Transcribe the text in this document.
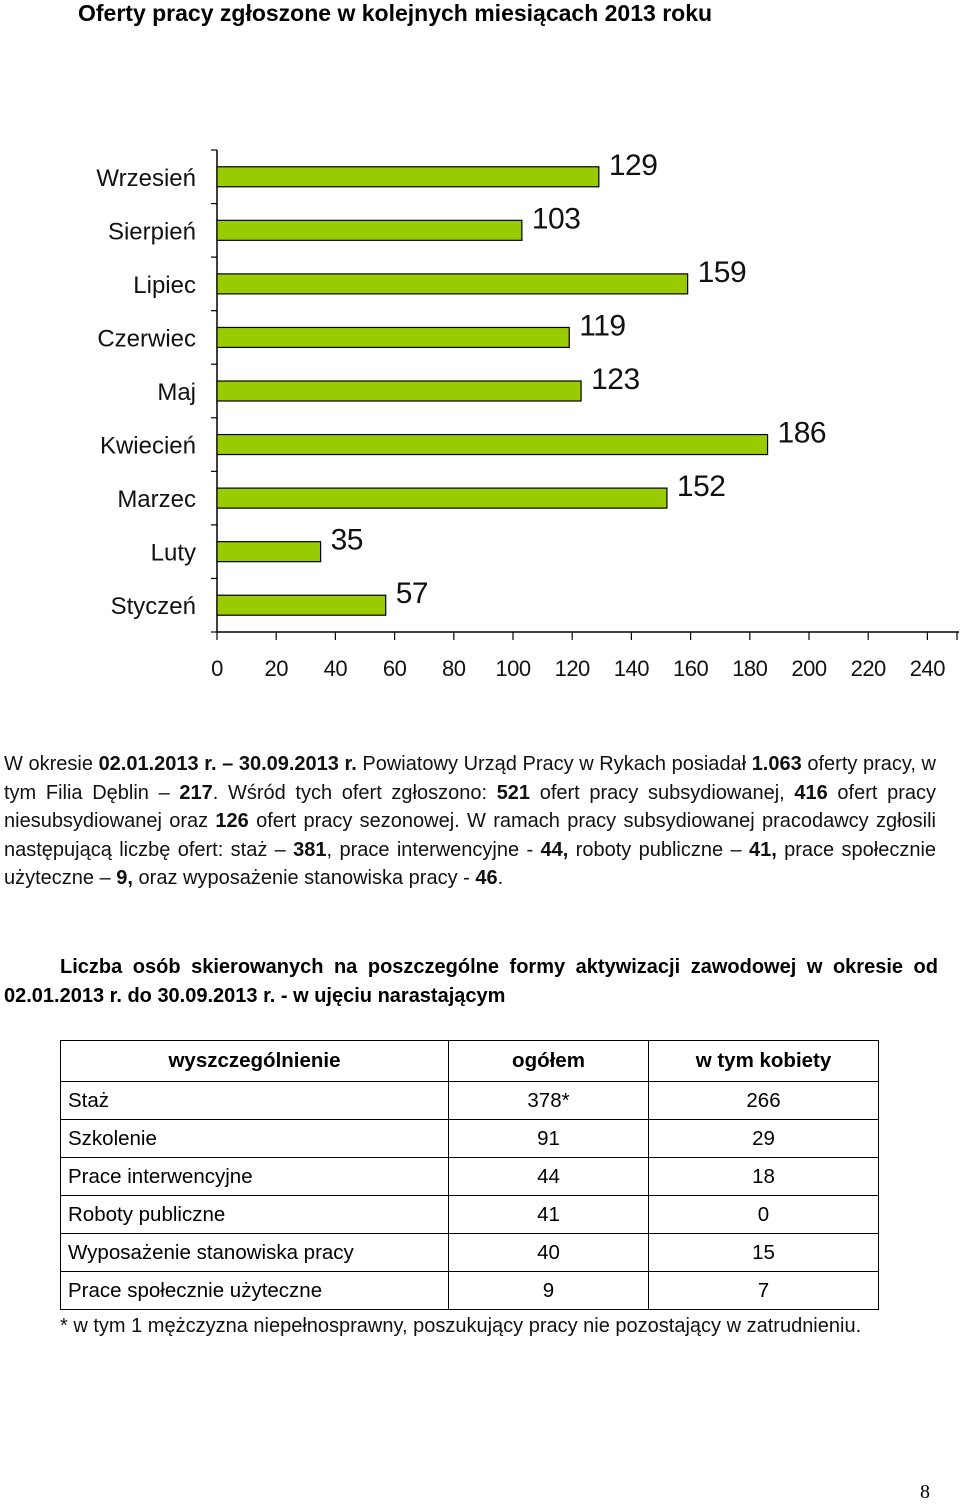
Oferty pracy zgłoszone w kolejnych miesiącach 2013 roku
0 20 40 60 80 100 120 140 160 180 200 220 240
Wrzesień	129
Sierpień	103
Lipiec	159
Czerwiec	119
Maj	123
Kwiecień	186
Marzec	152
Luty	35
Styczeń	57
W okresie 02.01.2013 r. – 30.09.2013 r. Powiatowy Urząd Pracy w Rykach posiadał 1.063 oferty pracy, w tym Filia Dęblin – 217. Wśród tych ofert zgłoszono: 521 ofert pracy subsydiowanej, 416 ofert pracy niesubsydiowanej oraz 126 ofert pracy sezonowej. W ramach pracy subsydiowanej pracodawcy zgłosili następującą liczbę ofert: staż – 381, prace interwencyjne - 44, roboty publiczne – 41, prace społecznie użyteczne – 9, oraz wyposażenie stanowiska pracy - 46.
Liczba osób skierowanych na poszczególne formy aktywizacji zawodowej w okresie od 02.01.2013 r. do 30.09.2013 r. - w ujęciu narastającym
wyszczególnienie	ogółem	w tym kobiety
Staż	378*	266
Szkolenie	91	29
Prace interwencyjne	44	18
Roboty publiczne	41	0
Wyposażenie stanowiska pracy	40	15
Prace społecznie użyteczne	9	7
* w tym 1 mężczyzna niepełnosprawny, poszukujący pracy nie pozostający w zatrudnieniu.
8
